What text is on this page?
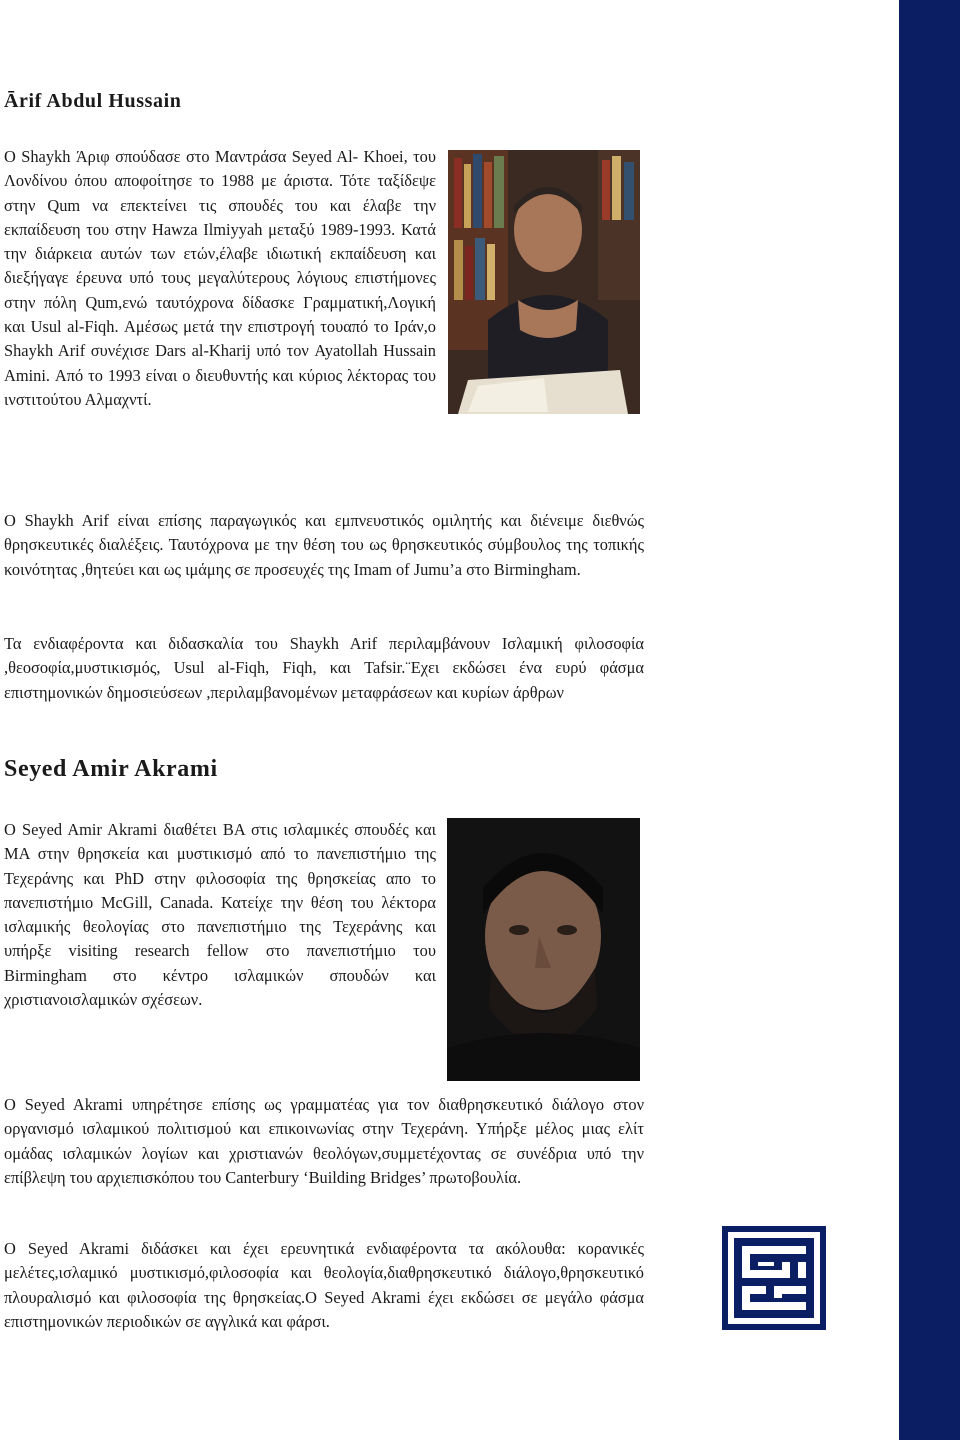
Ārif Abdul Hussain

Ο Shaykh Άριφ σπούδασε στο Μαντράσα Seyed Al- Khoei, του Λονδίνου όπου αποφοίτησε το 1988 με άριστα. Τότε ταξίδεψε στην Qum να επεκτείνει τις σπουδές του και έλαβε την εκπαίδευση του στην Hawza Ilmiyyah μεταξύ 1989-1993. Κατά την διάρκεια αυτών των ετών,έλαβε ιδιωτική εκπαίδευση και διεξήγαγε έρευνα υπό τους μεγαλύτερους λόγιους επιστήμονες στην πόλη Qum,ενώ ταυτόχρονα δίδασκε Γραμματική,Λογική και Usul al-Fiqh. Αμέσως μετά την επιστρογή τουαπό το Ιράν,ο Shaykh Arif συνέχισε Dars al-Kharij υπό τον Ayatollah Hussain Amini. Από το 1993 είναι ο διευθυντής και κύριος λέκτορας του ινστιτούτου Αλμαχντί.

Ο Shaykh Arif είναι επίσης παραγωγικός και εμπνευστικός ομιλητής και διένειμε διεθνώς θρησκευτικές διαλέξεις. Ταυτόχρονα με την θέση του ως θρησκευτικός σύμβουλος της τοπικής κοινότητας ,θητεύει και ως ιμάμης σε προσευχές της Imam of Jumu’a στο Birmingham.

Τα ενδιαφέροντα και διδασκαλία του Shaykh Arif περιλαμβάνουν Ισλαμική φιλοσοφία ,θεοσοφία,μυστικισμός, Usul al-Fiqh, Fiqh, και Tafsir.¨Εχει εκδώσει ένα ευρύ φάσμα επιστημονικών δημοσιεύσεων ,περιλαμβανομένων μεταφράσεων και κυρίων άρθρων

Seyed Amir Akrami

Ο Seyed Amir Akrami διαθέτει BA στις ισλαμικές σπουδές και MA στην θρησκεία και μυστικισμό από το πανεπιστήμιο της Τεχεράνης και PhD στην φιλοσοφία της θρησκείας απο το πανεπιστήμιο McGill, Canada. Κατείχε την θέση του λέκτορα ισλαμικής θεολογίας στο πανεπιστήμιο της Τεχεράνης και υπήρξε visiting research fellow στο πανεπιστήμιο του Birmingham στο κέντρο ισλαμικών σπουδών και χριστιανοισλαμικών σχέσεων.

Ο Seyed Akrami υπηρέτησε επίσης ως γραμματέας για τον διαθρησκευτικό διάλογο στον οργανισμό ισλαμικού πολιτισμού και επικοινωνίας στην Τεχεράνη. Υπήρξε μέλος μιας ελίτ ομάδας ισλαμικών λογίων και χριστιανών θεολόγων,συμμετέχοντας σε συνέδρια υπό την επίβλεψη του αρχιεπισκόπου του Canterbury ‘Building Bridges’ πρωτοβουλία.

Ο Seyed Akrami διδάσκει και έχει ερευνητικά ενδιαφέροντα τα ακόλουθα: κορανικές μελέτες,ισλαμικό μυστικισμό,φιλοσοφία και θεολογία,διαθρησκευτικό διάλογο,θρησκευτικό πλουραλισμό και φιλοσοφία της θρησκείας.Ο Seyed Akrami έχει εκδώσει σε μεγάλο φάσμα επιστημονικών περιοδικών σε αγγλικά και φάρσι.
